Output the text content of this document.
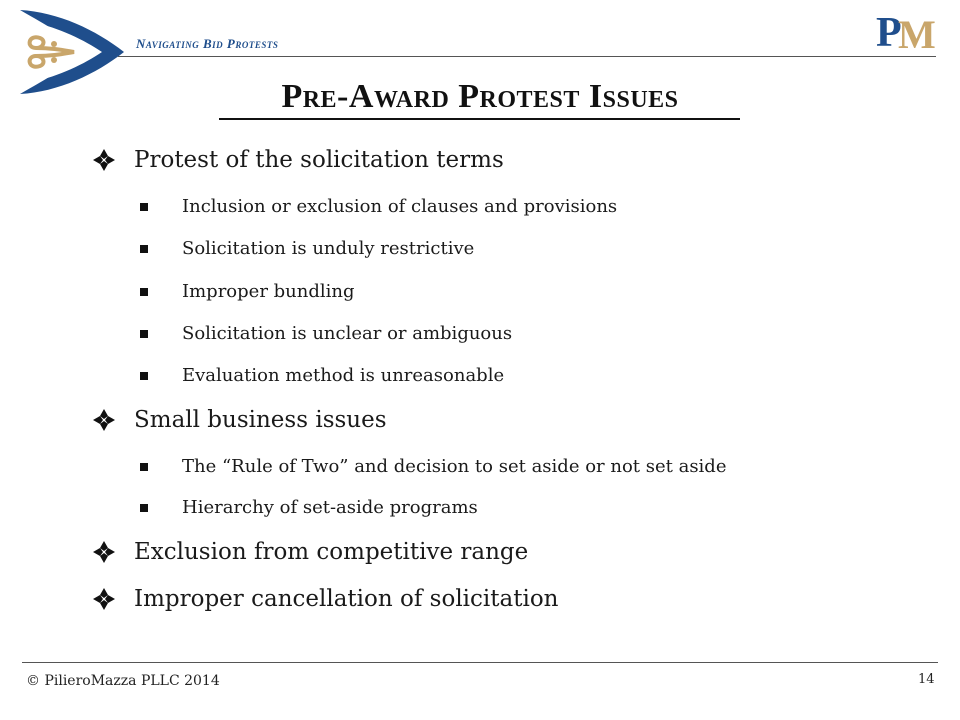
Navigating Bid Protests	P
M
Pre-Award Protest Issues
Protest of the solicitation terms
Inclusion or exclusion of clauses and provisions
Solicitation is unduly restrictive
Improper bundling
Solicitation is unclear or ambiguous
Evaluation method is unreasonable
Small business issues
The “Rule of Two” and decision to set aside or not set aside
Hierarchy of set-aside programs
Exclusion from competitive range
Improper cancellation of solicitation
© PilieroMazza PLLC 2014	14
